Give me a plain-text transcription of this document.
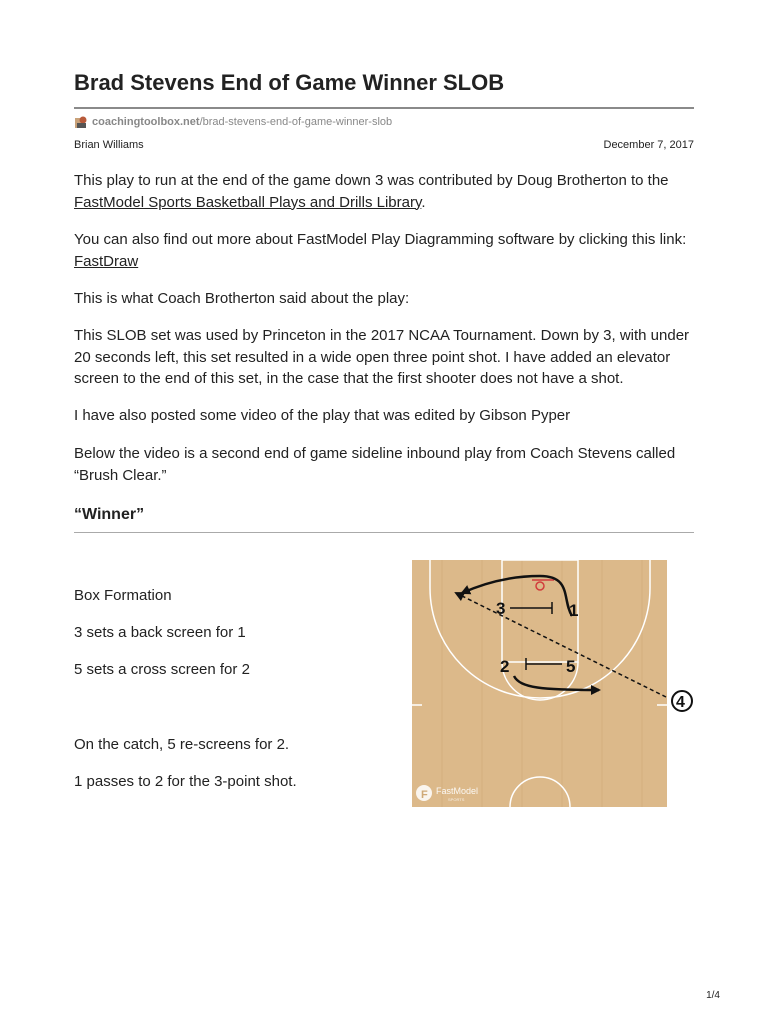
Brad Stevens End of Game Winner SLOB
coachingtoolbox.net /brad-stevens-end-of-game-winner-slob
Brian Williams	December 7, 2017

This play to run at the end of the game down 3 was contributed by Doug Brotherton to the FastModel Sports Basketball Plays and Drills Library.

You can also find out more about FastModel Play Diagramming software by clicking this link: FastDraw

This is what Coach Brotherton said about the play:

This SLOB set was used by Princeton in the 2017 NCAA Tournament. Down by 3, with under 20 seconds left, this set resulted in a wide open three point shot. I have added an elevator screen to the end of this set, in the case that the first shooter does not have a shot.

I have also posted some video of the play that was edited by Gibson Pyper

Below the video is a second end of game sideline inbound play from Coach Stevens called “Brush Clear.”

“Winner”
Box Formation
3 sets a back screen for 1
5 sets a cross screen for 2
On the catch, 5 re-screens for 2.
1 passes to 2 for the 3-point shot.
3	1
2	5
4
F FastModel
SPORTS
1/4
